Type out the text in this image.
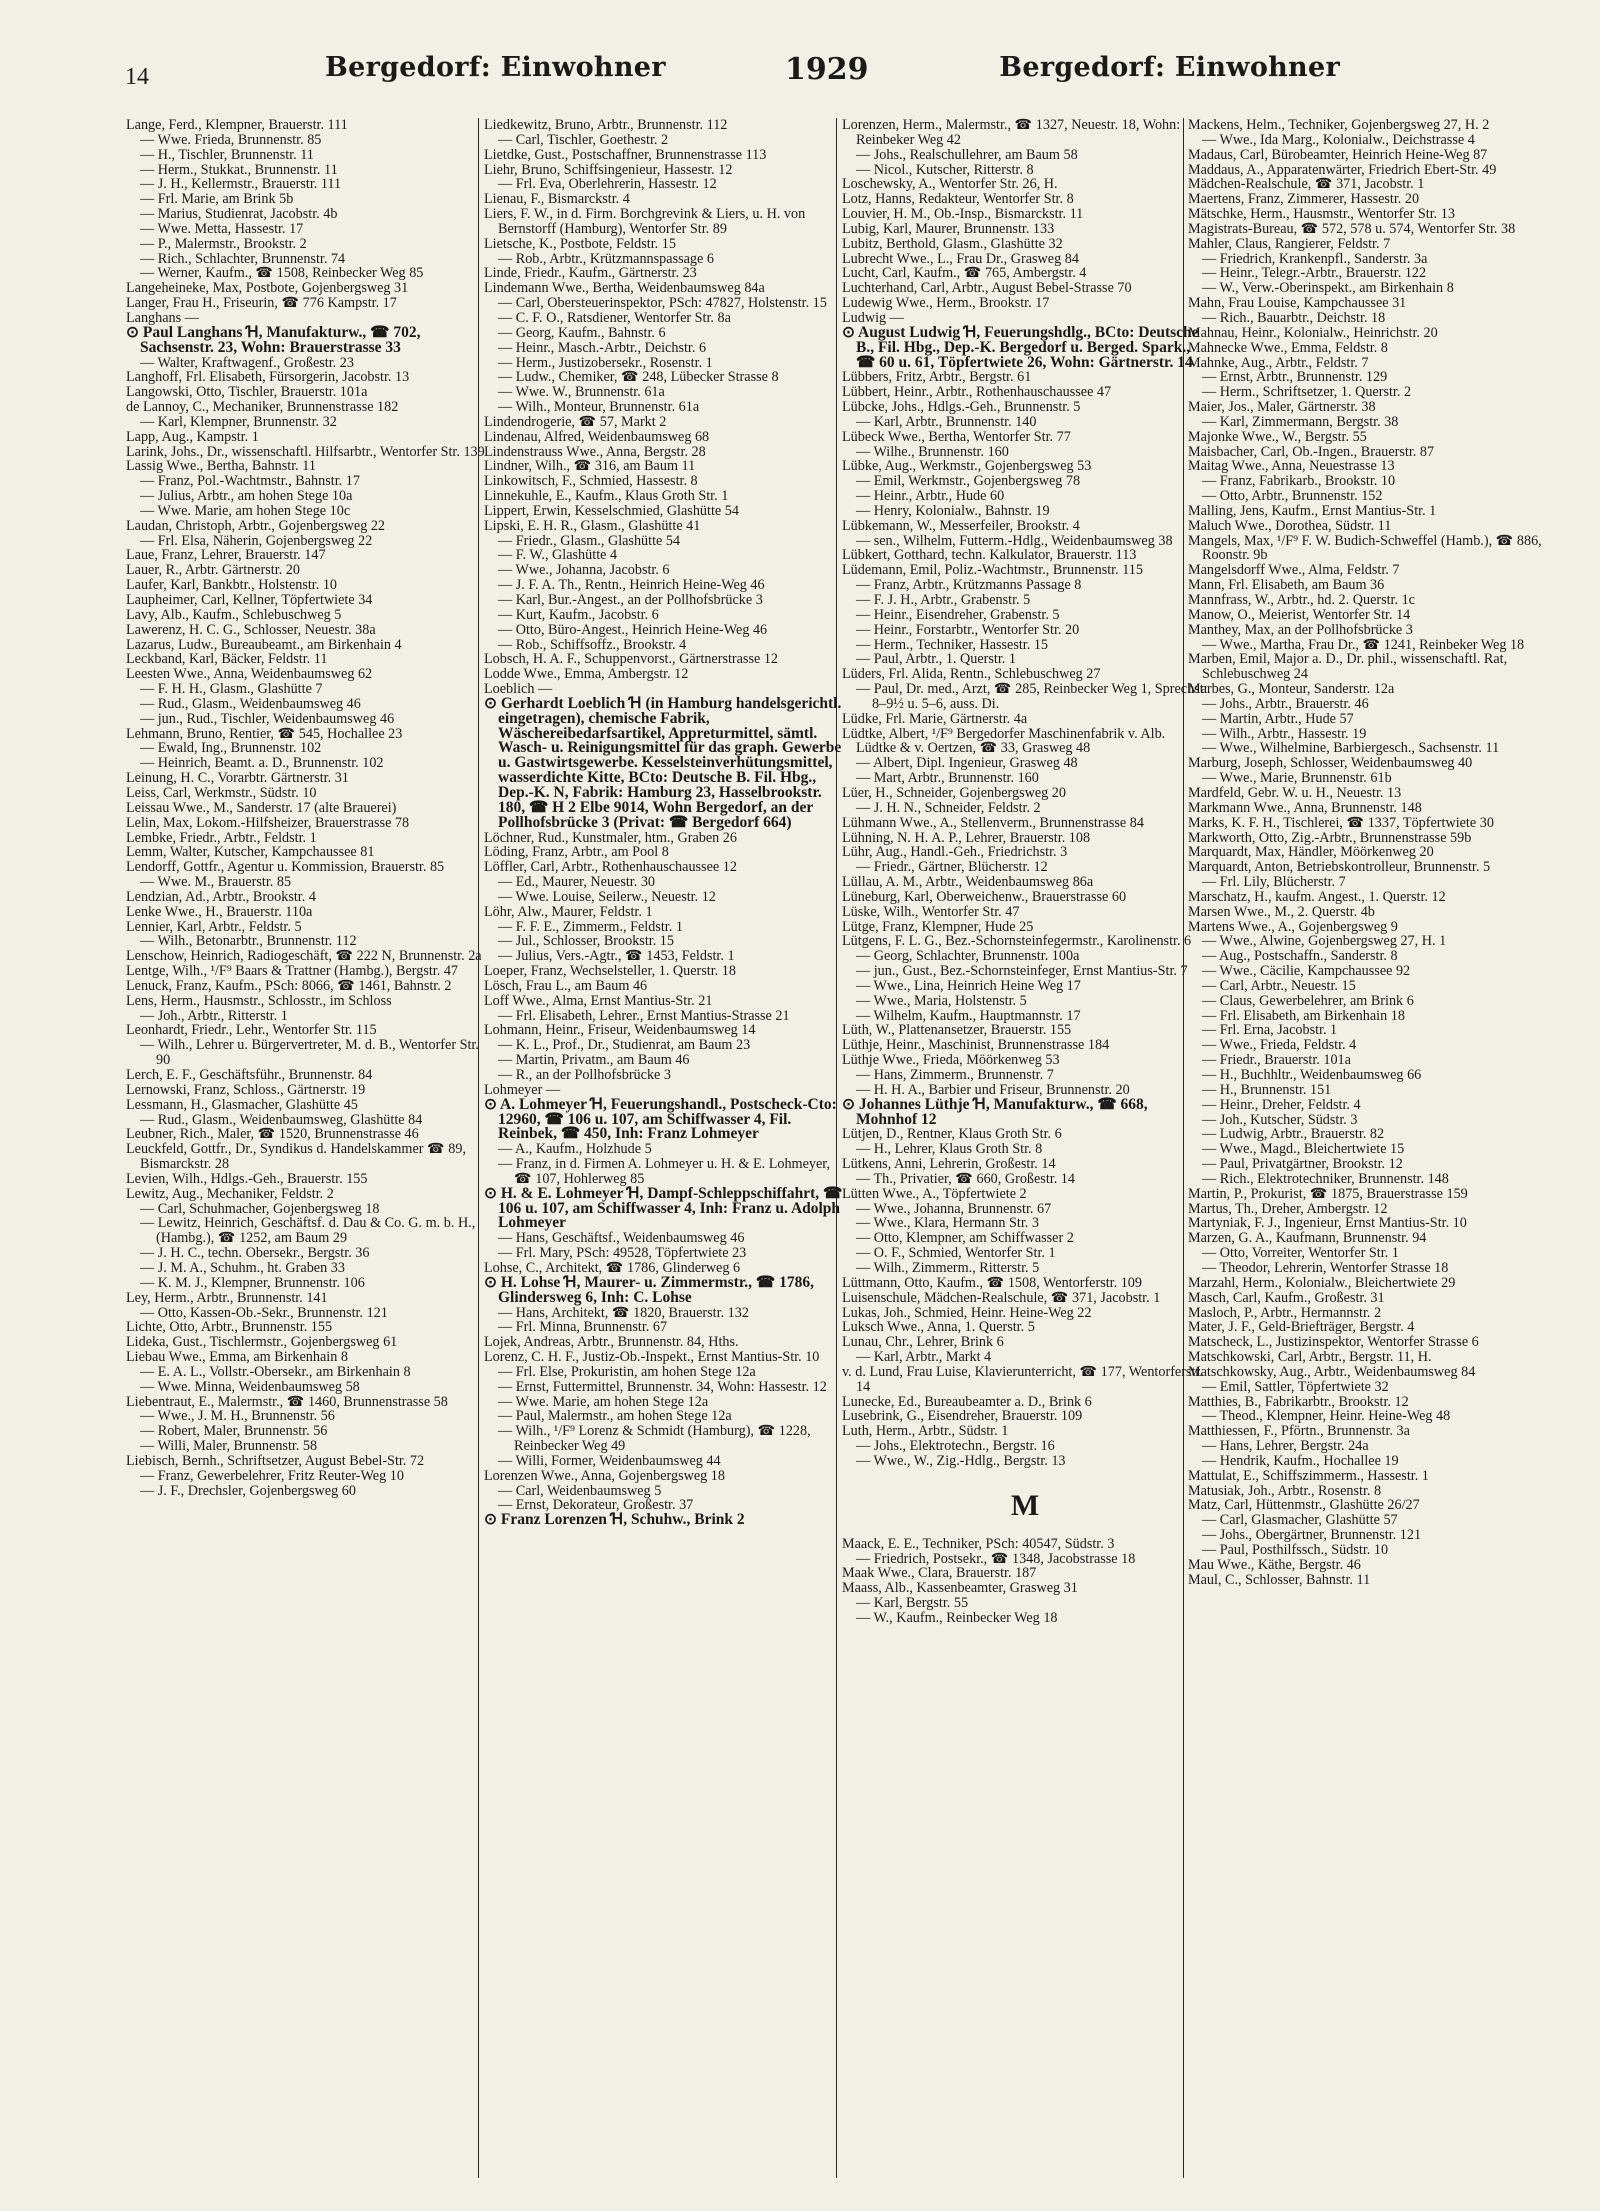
14	Bergedorf: Einwohner	1929	Bergedorf: Einwohner

Lange, Ferd., Klempner, Brauerstr. 111

— Wwe. Frieda, Brunnenstr. 85

— H., Tischler, Brunnenstr. 11

— Herm., Stukkat., Brunnenstr. 11

— J. H., Kellermstr., Brauerstr. 111

— Frl. Marie, am Brink 5b

— Marius, Studienrat, Jacobstr. 4b

— Wwe. Metta, Hassestr. 17

— P., Malermstr., Brookstr. 2

— Rich., Schlachter, Brunnenstr. 74

— Werner, Kaufm., ☎ 1508, Reinbecker Weg 85

Langeheineke, Max, Postbote, Gojenbergsweg 31

Langer, Frau H., Friseurin, ☎ 776 Kampstr. 17

Langhans —

⊙ Paul Langhans Ɦ, Manufakturw., ☎ 702, Sachsenstr. 23, Wohn: Brauerstrasse 33

— Walter, Kraftwagenf., Großestr. 23

Langhoff, Frl. Elisabeth, Fürsorgerin, Jacobstr. 13

Langowski, Otto, Tischler, Brauerstr. 101a

de Lannoy, C., Mechaniker, Brunnenstrasse 182

— Karl, Klempner, Brunnenstr. 32

Lapp, Aug., Kampstr. 1

Larink, Johs., Dr., wissenschaftl. Hilfsarbtr., Wentorfer Str. 139

Lassig Wwe., Bertha, Bahnstr. 11

— Franz, Pol.-Wachtmstr., Bahnstr. 17

— Julius, Arbtr., am hohen Stege 10a

— Wwe. Marie, am hohen Stege 10c

Laudan, Christoph, Arbtr., Gojenbergsweg 22

— Frl. Elsa, Näherin, Gojenbergsweg 22

Laue, Franz, Lehrer, Brauerstr. 147

Lauer, R., Arbtr. Gärtnerstr. 20

Laufer, Karl, Bankbtr., Holstenstr. 10

Laupheimer, Carl, Kellner, Töpfertwiete 34

Lavy, Alb., Kaufm., Schlebuschweg 5

Lawerenz, H. C. G., Schlosser, Neuestr. 38a

Lazarus, Ludw., Bureaubeamt., am Birkenhain 4

Leckband, Karl, Bäcker, Feldstr. 11

Leesten Wwe., Anna, Weidenbaumsweg 62

— F. H. H., Glasm., Glashütte 7

— Rud., Glasm., Weidenbaumsweg 46

— jun., Rud., Tischler, Weidenbaumsweg 46

Lehmann, Bruno, Rentier, ☎ 545, Hochallee 23

— Ewald, Ing., Brunnenstr. 102

— Heinrich, Beamt. a. D., Brunnenstr. 102

Leinung, H. C., Vorarbtr. Gärtnerstr. 31

Leiss, Carl, Werkmstr., Südstr. 10

Leissau Wwe., M., Sanderstr. 17 (alte Brauerei)

Lelin, Max, Lokom.-Hilfsheizer, Brauerstrasse 78

Lembke, Friedr., Arbtr., Feldstr. 1

Lemm, Walter, Kutscher, Kampchaussee 81

Lendorff, Gottfr., Agentur u. Kommission, Brauerstr. 85

— Wwe. M., Brauerstr. 85

Lendzian, Ad., Arbtr., Brookstr. 4

Lenke Wwe., H., Brauerstr. 110a

Lennier, Karl, Arbtr., Feldstr. 5

— Wilh., Betonarbtr., Brunnenstr. 112

Lenschow, Heinrich, Radiogeschäft, ☎ 222 N, Brunnenstr. 2a

Lentge, Wilh., ¹/F⁹ Baars & Trattner (Hambg.), Bergstr. 47

Lenuck, Franz, Kaufm., PSch: 8066, ☎ 1461, Bahnstr. 2

Lens, Herm., Hausmstr., Schlosstr., im Schloss

— Joh., Arbtr., Ritterstr. 1

Leonhardt, Friedr., Lehr., Wentorfer Str. 115

— Wilh., Lehrer u. Bürgervertreter, M. d. B., Wentorfer Str. 90

Lerch, E. F., Geschäftsführ., Brunnenstr. 84

Lernowski, Franz, Schloss., Gärtnerstr. 19

Lessmann, H., Glasmacher, Glashütte 45

— Rud., Glasm., Weidenbaumsweg, Glashütte 84

Leubner, Rich., Maler, ☎ 1520, Brunnenstrasse 46

Leuckfeld, Gottfr., Dr., Syndikus d. Handelskammer ☎ 89, Bismarckstr. 28

Levien, Wilh., Hdlgs.-Geh., Brauerstr. 155

Lewitz, Aug., Mechaniker, Feldstr. 2

— Carl, Schuhmacher, Gojenbergsweg 18

— Lewitz, Heinrich, Geschäftsf. d. Dau & Co. G. m. b. H., (Hambg.), ☎ 1252, am Baum 29

— J. H. C., techn. Obersekr., Bergstr. 36

— J. M. A., Schuhm., ht. Graben 33

— K. M. J., Klempner, Brunnenstr. 106

Ley, Herm., Arbtr., Brunnenstr. 141

— Otto, Kassen-Ob.-Sekr., Brunnenstr. 121

Lichte, Otto, Arbtr., Brunnenstr. 155

Lideka, Gust., Tischlermstr., Gojenbergsweg 61

Liebau Wwe., Emma, am Birkenhain 8

— E. A. L., Vollstr.-Obersekr., am Birkenhain 8

— Wwe. Minna, Weidenbaumsweg 58

Liebentraut, E., Malermstr., ☎ 1460, Brunnenstrasse 58

— Wwe., J. M. H., Brunnenstr. 56

— Robert, Maler, Brunnenstr. 56

— Willi, Maler, Brunnenstr. 58

Liebisch, Bernh., Schriftsetzer, August Bebel-Str. 72

— Franz, Gewerbelehrer, Fritz Reuter-Weg 10

— J. F., Drechsler, Gojenbergsweg 60

Liedkewitz, Bruno, Arbtr., Brunnenstr. 112

— Carl, Tischler, Goethestr. 2

Lietdke, Gust., Postschaffner, Brunnenstrasse 113

Liehr, Bruno, Schiffsingenieur, Hassestr. 12

— Frl. Eva, Oberlehrerin, Hassestr. 12

Lienau, F., Bismarckstr. 4

Liers, F. W., in d. Firm. Borchgrevink & Liers, u. H. von Bernstorff (Hamburg), Wentorfer Str. 89

Lietsche, K., Postbote, Feldstr. 15

— Rob., Arbtr., Krützmannspassage 6

Linde, Friedr., Kaufm., Gärtnerstr. 23

Lindemann Wwe., Bertha, Weidenbaumsweg 84a

— Carl, Obersteuerinspektor, PSch: 47827, Holstenstr. 15

— C. F. O., Ratsdiener, Wentorfer Str. 8a

— Georg, Kaufm., Bahnstr. 6

— Heinr., Masch.-Arbtr., Deichstr. 6

— Herm., Justizobersekr., Rosenstr. 1

— Ludw., Chemiker, ☎ 248, Lübecker Strasse 8

— Wwe. W., Brunnenstr. 61a

— Wilh., Monteur, Brunnenstr. 61a

Lindendrogerie, ☎ 57, Markt 2

Lindenau, Alfred, Weidenbaumsweg 68

Lindenstrauss Wwe., Anna, Bergstr. 28

Lindner, Wilh., ☎ 316, am Baum 11

Linkowitsch, F., Schmied, Hassestr. 8

Linnekuhle, E., Kaufm., Klaus Groth Str. 1

Lippert, Erwin, Kesselschmied, Glashütte 54

Lipski, E. H. R., Glasm., Glashütte 41

— Friedr., Glasm., Glashütte 54

— F. W., Glashütte 4

— Wwe., Johanna, Jacobstr. 6

— J. F. A. Th., Rentn., Heinrich Heine-Weg 46

— Karl, Bur.-Angest., an der Pollhofsbrücke 3

— Kurt, Kaufm., Jacobstr. 6

— Otto, Büro-Angest., Heinrich Heine-Weg 46

— Rob., Schiffsoffz., Brookstr. 4

Lobsch, H. A. F., Schuppenvorst., Gärtnerstrasse 12

Lodde Wwe., Emma, Ambergstr. 12

Loeblich —

⊙ Gerhardt Loeblich Ɦ (in Hamburg handelsgerichtl. eingetragen), chemische Fabrik, Wäschereibedarfsartikel, Appreturmittel, sämtl. Wasch- u. Reinigungsmittel für das graph. Gewerbe u. Gastwirtsgewerbe. Kesselsteinverhütungsmittel, wasserdichte Kitte, BCto: Deutsche B. Fil. Hbg., Dep.-K. N, Fabrik: Hamburg 23, Hasselbrookstr. 180, ☎ H 2 Elbe 9014, Wohn Bergedorf, an der Pollhofsbrücke 3 (Privat: ☎ Bergedorf 664)

Löchner, Rud., Kunstmaler, htm., Graben 26

Löding, Franz, Arbtr., am Pool 8

Löffler, Carl, Arbtr., Rothenhauschaussee 12

— Ed., Maurer, Neuestr. 30

— Wwe. Louise, Seilerw., Neuestr. 12

Löhr, Alw., Maurer, Feldstr. 1

— F. F. E., Zimmerm., Feldstr. 1

— Jul., Schlosser, Brookstr. 15

— Julius, Vers.-Agtr., ☎ 1453, Feldstr. 1

Loeper, Franz, Wechselsteller, 1. Querstr. 18

Lösch, Frau L., am Baum 46

Loff Wwe., Alma, Ernst Mantius-Str. 21

— Frl. Elisabeth, Lehrer., Ernst Mantius-Strasse 21

Lohmann, Heinr., Friseur, Weidenbaumsweg 14

— K. L., Prof., Dr., Studienrat, am Baum 23

— Martin, Privatm., am Baum 46

— R., an der Pollhofsbrücke 3

Lohmeyer —

⊙ A. Lohmeyer Ɦ, Feuerungshandl., Postscheck-Cto: 12960, ☎ 106 u. 107, am Schiffwasser 4, Fil. Reinbek, ☎ 450, Inh: Franz Lohmeyer

— A., Kaufm., Holzhude 5

— Franz, in d. Firmen A. Lohmeyer u. H. & E. Lohmeyer, ☎ 107, Hohlerweg 85

⊙ H. & E. Lohmeyer Ɦ, Dampf-Schleppschiffahrt, ☎ 106 u. 107, am Schiffwasser 4, Inh: Franz u. Adolph Lohmeyer

— Hans, Geschäftsf., Weidenbaumsweg 46

— Frl. Mary, PSch: 49528, Töpfertwiete 23

Lohse, C., Architekt, ☎ 1786, Glinderweg 6

⊙ H. Lohse Ɦ, Maurer- u. Zimmermstr., ☎ 1786, Glindersweg 6, Inh: C. Lohse

— Hans, Architekt, ☎ 1820, Brauerstr. 132

— Frl. Minna, Brunnenstr. 67

Lojek, Andreas, Arbtr., Brunnenstr. 84, Hths.

Lorenz, C. H. F., Justiz-Ob.-Inspekt., Ernst Mantius-Str. 10

— Frl. Else, Prokuristin, am hohen Stege 12a

— Ernst, Futtermittel, Brunnenstr. 34, Wohn: Hassestr. 12

— Wwe. Marie, am hohen Stege 12a

— Paul, Malermstr., am hohen Stege 12a

— Wilh., ¹/F⁹ Lorenz & Schmidt (Hamburg), ☎ 1228, Reinbecker Weg 49

— Willi, Former, Weidenbaumsweg 44

Lorenzen Wwe., Anna, Gojenbergsweg 18

— Carl, Weidenbaumsweg 5

— Ernst, Dekorateur, Großestr. 37

⊙ Franz Lorenzen Ɦ, Schuhw., Brink 2

Lorenzen, Herm., Malermstr., ☎ 1327, Neuestr. 18, Wohn: Reinbeker Weg 42

— Johs., Realschullehrer, am Baum 58

— Nicol., Kutscher, Ritterstr. 8

Loschewsky, A., Wentorfer Str. 26, H.

Lotz, Hanns, Redakteur, Wentorfer Str. 8

Louvier, H. M., Ob.-Insp., Bismarckstr. 11

Lubig, Karl, Maurer, Brunnenstr. 133

Lubitz, Berthold, Glasm., Glashütte 32

Lubrecht Wwe., L., Frau Dr., Grasweg 84

Lucht, Carl, Kaufm., ☎ 765, Ambergstr. 4

Luchterhand, Carl, Arbtr., August Bebel-Strasse 70

Ludewig Wwe., Herm., Brookstr. 17

Ludwig —

⊙ August Ludwig Ɦ, Feuerungshdlg., BCto: Deutsche B., Fil. Hbg., Dep.-K. Bergedorf u. Berged. Spark., ☎ 60 u. 61, Töpfertwiete 26, Wohn: Gärtnerstr. 14

Lübbers, Fritz, Arbtr., Bergstr. 61

Lübbert, Heinr., Arbtr., Rothenhauschaussee 47

Lübcke, Johs., Hdlgs.-Geh., Brunnenstr. 5

— Karl, Arbtr., Brunnenstr. 140

Lübeck Wwe., Bertha, Wentorfer Str. 77

— Wilhe., Brunnenstr. 160

Lübke, Aug., Werkmstr., Gojenbergsweg 53

— Emil, Werkmstr., Gojenbergsweg 78

— Heinr., Arbtr., Hude 60

— Henry, Kolonialw., Bahnstr. 19

Lübkemann, W., Messerfeiler, Brookstr. 4

— sen., Wilhelm, Futterm.-Hdlg., Weidenbaumsweg 38

Lübkert, Gotthard, techn. Kalkulator, Brauerstr. 113

Lüdemann, Emil, Poliz.-Wachtmstr., Brunnenstr. 115

— Franz, Arbtr., Krützmanns Passage 8

— F. J. H., Arbtr., Grabenstr. 5

— Heinr., Eisendreher, Grabenstr. 5

— Heinr., Forstarbtr., Wentorfer Str. 20

— Herm., Techniker, Hassestr. 15

— Paul, Arbtr., 1. Querstr. 1

Lüders, Frl. Alida, Rentn., Schlebuschweg 27

— Paul, Dr. med., Arzt, ☎ 285, Reinbecker Weg 1, Sprechst: 8–9½ u. 5–6, auss. Di.

Lüdke, Frl. Marie, Gärtnerstr. 4a

Lüdtke, Albert, ¹/F⁹ Bergedorfer Maschinenfabrik v. Alb. Lüdtke & v. Oertzen, ☎ 33, Grasweg 48

— Albert, Dipl. Ingenieur, Grasweg 48

— Mart, Arbtr., Brunnenstr. 160

Lüer, H., Schneider, Gojenbergsweg 20

— J. H. N., Schneider, Feldstr. 2

Lühmann Wwe., A., Stellenverm., Brunnenstrasse 84

Lühning, N. H. A. P., Lehrer, Brauerstr. 108

Lühr, Aug., Handl.-Geh., Friedrichstr. 3

— Friedr., Gärtner, Blücherstr. 12

Lüllau, A. M., Arbtr., Weidenbaumsweg 86a

Lüneburg, Karl, Oberweichenw., Brauerstrasse 60

Lüske, Wilh., Wentorfer Str. 47

Lütge, Franz, Klempner, Hude 25

Lütgens, F. L. G., Bez.-Schornsteinfegermstr., Karolinenstr. 6

— Georg, Schlachter, Brunnenstr. 100a

— jun., Gust., Bez.-Schornsteinfeger, Ernst Mantius-Str. 7

— Wwe., Lina, Heinrich Heine Weg 17

— Wwe., Maria, Holstenstr. 5

— Wilhelm, Kaufm., Hauptmannstr. 17

Lüth, W., Plattenansetzer, Brauerstr. 155

Lüthje, Heinr., Maschinist, Brunnenstrasse 184

Lüthje Wwe., Frieda, Möörkenweg 53

— Hans, Zimmerm., Brunnenstr. 7

— H. H. A., Barbier und Friseur, Brunnenstr. 20

⊙ Johannes Lüthje Ɦ, Manufakturw., ☎ 668, Mohnhof 12

Lütjen, D., Rentner, Klaus Groth Str. 6

— H., Lehrer, Klaus Groth Str. 8

Lütkens, Anni, Lehrerin, Großestr. 14

— Th., Privatier, ☎ 660, Großestr. 14

Lütten Wwe., A., Töpfertwiete 2

— Wwe., Johanna, Brunnenstr. 67

— Wwe., Klara, Hermann Str. 3

— Otto, Klempner, am Schiffwasser 2

— O. F., Schmied, Wentorfer Str. 1

— Wilh., Zimmerm., Ritterstr. 5

Lüttmann, Otto, Kaufm., ☎ 1508, Wentorferstr. 109

Luisenschule, Mädchen-Realschule, ☎ 371, Jacobstr. 1

Lukas, Joh., Schmied, Heinr. Heine-Weg 22

Luksch Wwe., Anna, 1. Querstr. 5

Lunau, Chr., Lehrer, Brink 6

— Karl, Arbtr., Markt 4

v. d. Lund, Frau Luise, Klavierunterricht, ☎ 177, Wentorferstr. 14

Lunecke, Ed., Bureaubeamter a. D., Brink 6

Lusebrink, G., Eisendreher, Brauerstr. 109

Luth, Herm., Arbtr., Südstr. 1

— Johs., Elektrotechn., Bergstr. 16

— Wwe., W., Zig.-Hdlg., Bergstr. 13

M

Maack, E. E., Techniker, PSch: 40547, Südstr. 3

— Friedrich, Postsekr., ☎ 1348, Jacobstrasse 18

Maak Wwe., Clara, Brauerstr. 187

Maass, Alb., Kassenbeamter, Grasweg 31

— Karl, Bergstr. 55

— W., Kaufm., Reinbecker Weg 18

Mackens, Helm., Techniker, Gojenbergsweg 27, H. 2

— Wwe., Ida Marg., Kolonialw., Deichstrasse 4

Madaus, Carl, Bürobeamter, Heinrich Heine-Weg 87

Maddaus, A., Apparatenwärter, Friedrich Ebert-Str. 49

Mädchen-Realschule, ☎ 371, Jacobstr. 1

Maertens, Franz, Zimmerer, Hassestr. 20

Mätschke, Herm., Hausmstr., Wentorfer Str. 13

Magistrats-Bureau, ☎ 572, 578 u. 574, Wentorfer Str. 38

Mahler, Claus, Rangierer, Feldstr. 7

— Friedrich, Krankenpfl., Sanderstr. 3a

— Heinr., Telegr.-Arbtr., Brauerstr. 122

— W., Verw.-Oberinspekt., am Birkenhain 8

Mahn, Frau Louise, Kampchaussee 31

— Rich., Bauarbtr., Deichstr. 18

Mahnau, Heinr., Kolonialw., Heinrichstr. 20

Mahnecke Wwe., Emma, Feldstr. 8

Mahnke, Aug., Arbtr., Feldstr. 7

— Ernst, Arbtr., Brunnenstr. 129

— Herm., Schriftsetzer, 1. Querstr. 2

Maier, Jos., Maler, Gärtnerstr. 38

— Karl, Zimmermann, Bergstr. 38

Majonke Wwe., W., Bergstr. 55

Maisbacher, Carl, Ob.-Ingen., Brauerstr. 87

Maitag Wwe., Anna, Neuestrasse 13

— Franz, Fabrikarb., Brookstr. 10

— Otto, Arbtr., Brunnenstr. 152

Malling, Jens, Kaufm., Ernst Mantius-Str. 1

Maluch Wwe., Dorothea, Südstr. 11

Mangels, Max, ¹/F⁹ F. W. Budich-Schweffel (Hamb.), ☎ 886, Roonstr. 9b

Mangelsdorff Wwe., Alma, Feldstr. 7

Mann, Frl. Elisabeth, am Baum 36

Mannfrass, W., Arbtr., hd. 2. Querstr. 1c

Manow, O., Meierist, Wentorfer Str. 14

Manthey, Max, an der Pollhofsbrücke 3

— Wwe., Martha, Frau Dr., ☎ 1241, Reinbeker Weg 18

Marben, Emil, Major a. D., Dr. phil., wissenschaftl. Rat, Schlebuschweg 24

Marbes, G., Monteur, Sanderstr. 12a

— Johs., Arbtr., Brauerstr. 46

— Martin, Arbtr., Hude 57

— Wilh., Arbtr., Hassestr. 19

— Wwe., Wilhelmine, Barbiergesch., Sachsenstr. 11

Marburg, Joseph, Schlosser, Weidenbaumsweg 40

— Wwe., Marie, Brunnenstr. 61b

Mardfeld, Gebr. W. u. H., Neuestr. 13

Markmann Wwe., Anna, Brunnenstr. 148

Marks, K. F. H., Tischlerei, ☎ 1337, Töpfertwiete 30

Markworth, Otto, Zig.-Arbtr., Brunnenstrasse 59b

Marquardt, Max, Händler, Möörkenweg 20

Marquardt, Anton, Betriebskontrolleur, Brunnenstr. 5

— Frl. Lily, Blücherstr. 7

Marschatz, H., kaufm. Angest., 1. Querstr. 12

Marsen Wwe., M., 2. Querstr. 4b

Martens Wwe., A., Gojenbergsweg 9

— Wwe., Alwine, Gojenbergsweg 27, H. 1

— Aug., Postschaffn., Sanderstr. 8

— Wwe., Cäcilie, Kampchaussee 92

— Carl, Arbtr., Neuestr. 15

— Claus, Gewerbelehrer, am Brink 6

— Frl. Elisabeth, am Birkenhain 18

— Frl. Erna, Jacobstr. 1

— Wwe., Frieda, Feldstr. 4

— Friedr., Brauerstr. 101a

— H., Buchhltr., Weidenbaumsweg 66

— H., Brunnenstr. 151

— Heinr., Dreher, Feldstr. 4

— Joh., Kutscher, Südstr. 3

— Ludwig, Arbtr., Brauerstr. 82

— Wwe., Magd., Bleichertwiete 15

— Paul, Privatgärtner, Brookstr. 12

— Rich., Elektrotechniker, Brunnenstr. 148

Martin, P., Prokurist, ☎ 1875, Brauerstrasse 159

Martus, Th., Dreher, Ambergstr. 12

Martyniak, F. J., Ingenieur, Ernst Mantius-Str. 10

Marzen, G. A., Kaufmann, Brunnenstr. 94

— Otto, Vorreiter, Wentorfer Str. 1

— Theodor, Lehrerin, Wentorfer Strasse 18

Marzahl, Herm., Kolonialw., Bleichertwiete 29

Masch, Carl, Kaufm., Großestr. 31

Masloch, P., Arbtr., Hermannstr. 2

Mater, J. F., Geld-Briefträger, Bergstr. 4

Matscheck, L., Justizinspektor, Wentorfer Strasse 6

Matschkowski, Carl, Arbtr., Bergstr. 11, H.

Matschkowsky, Aug., Arbtr., Weidenbaumsweg 84

— Emil, Sattler, Töpfertwiete 32

Matthies, B., Fabrikarbtr., Brookstr. 12

— Theod., Klempner, Heinr. Heine-Weg 48

Matthiessen, F., Pförtn., Brunnenstr. 3a

— Hans, Lehrer, Bergstr. 24a

— Hendrik, Kaufm., Hochallee 19

Mattulat, E., Schiffszimmerm., Hassestr. 1

Matusiak, Joh., Arbtr., Rosenstr. 8

Matz, Carl, Hüttenmstr., Glashütte 26/27

— Carl, Glasmacher, Glashütte 57

— Johs., Obergärtner, Brunnenstr. 121

— Paul, Posthilfssch., Südstr. 10

Mau Wwe., Käthe, Bergstr. 46

Maul, C., Schlosser, Bahnstr. 11
